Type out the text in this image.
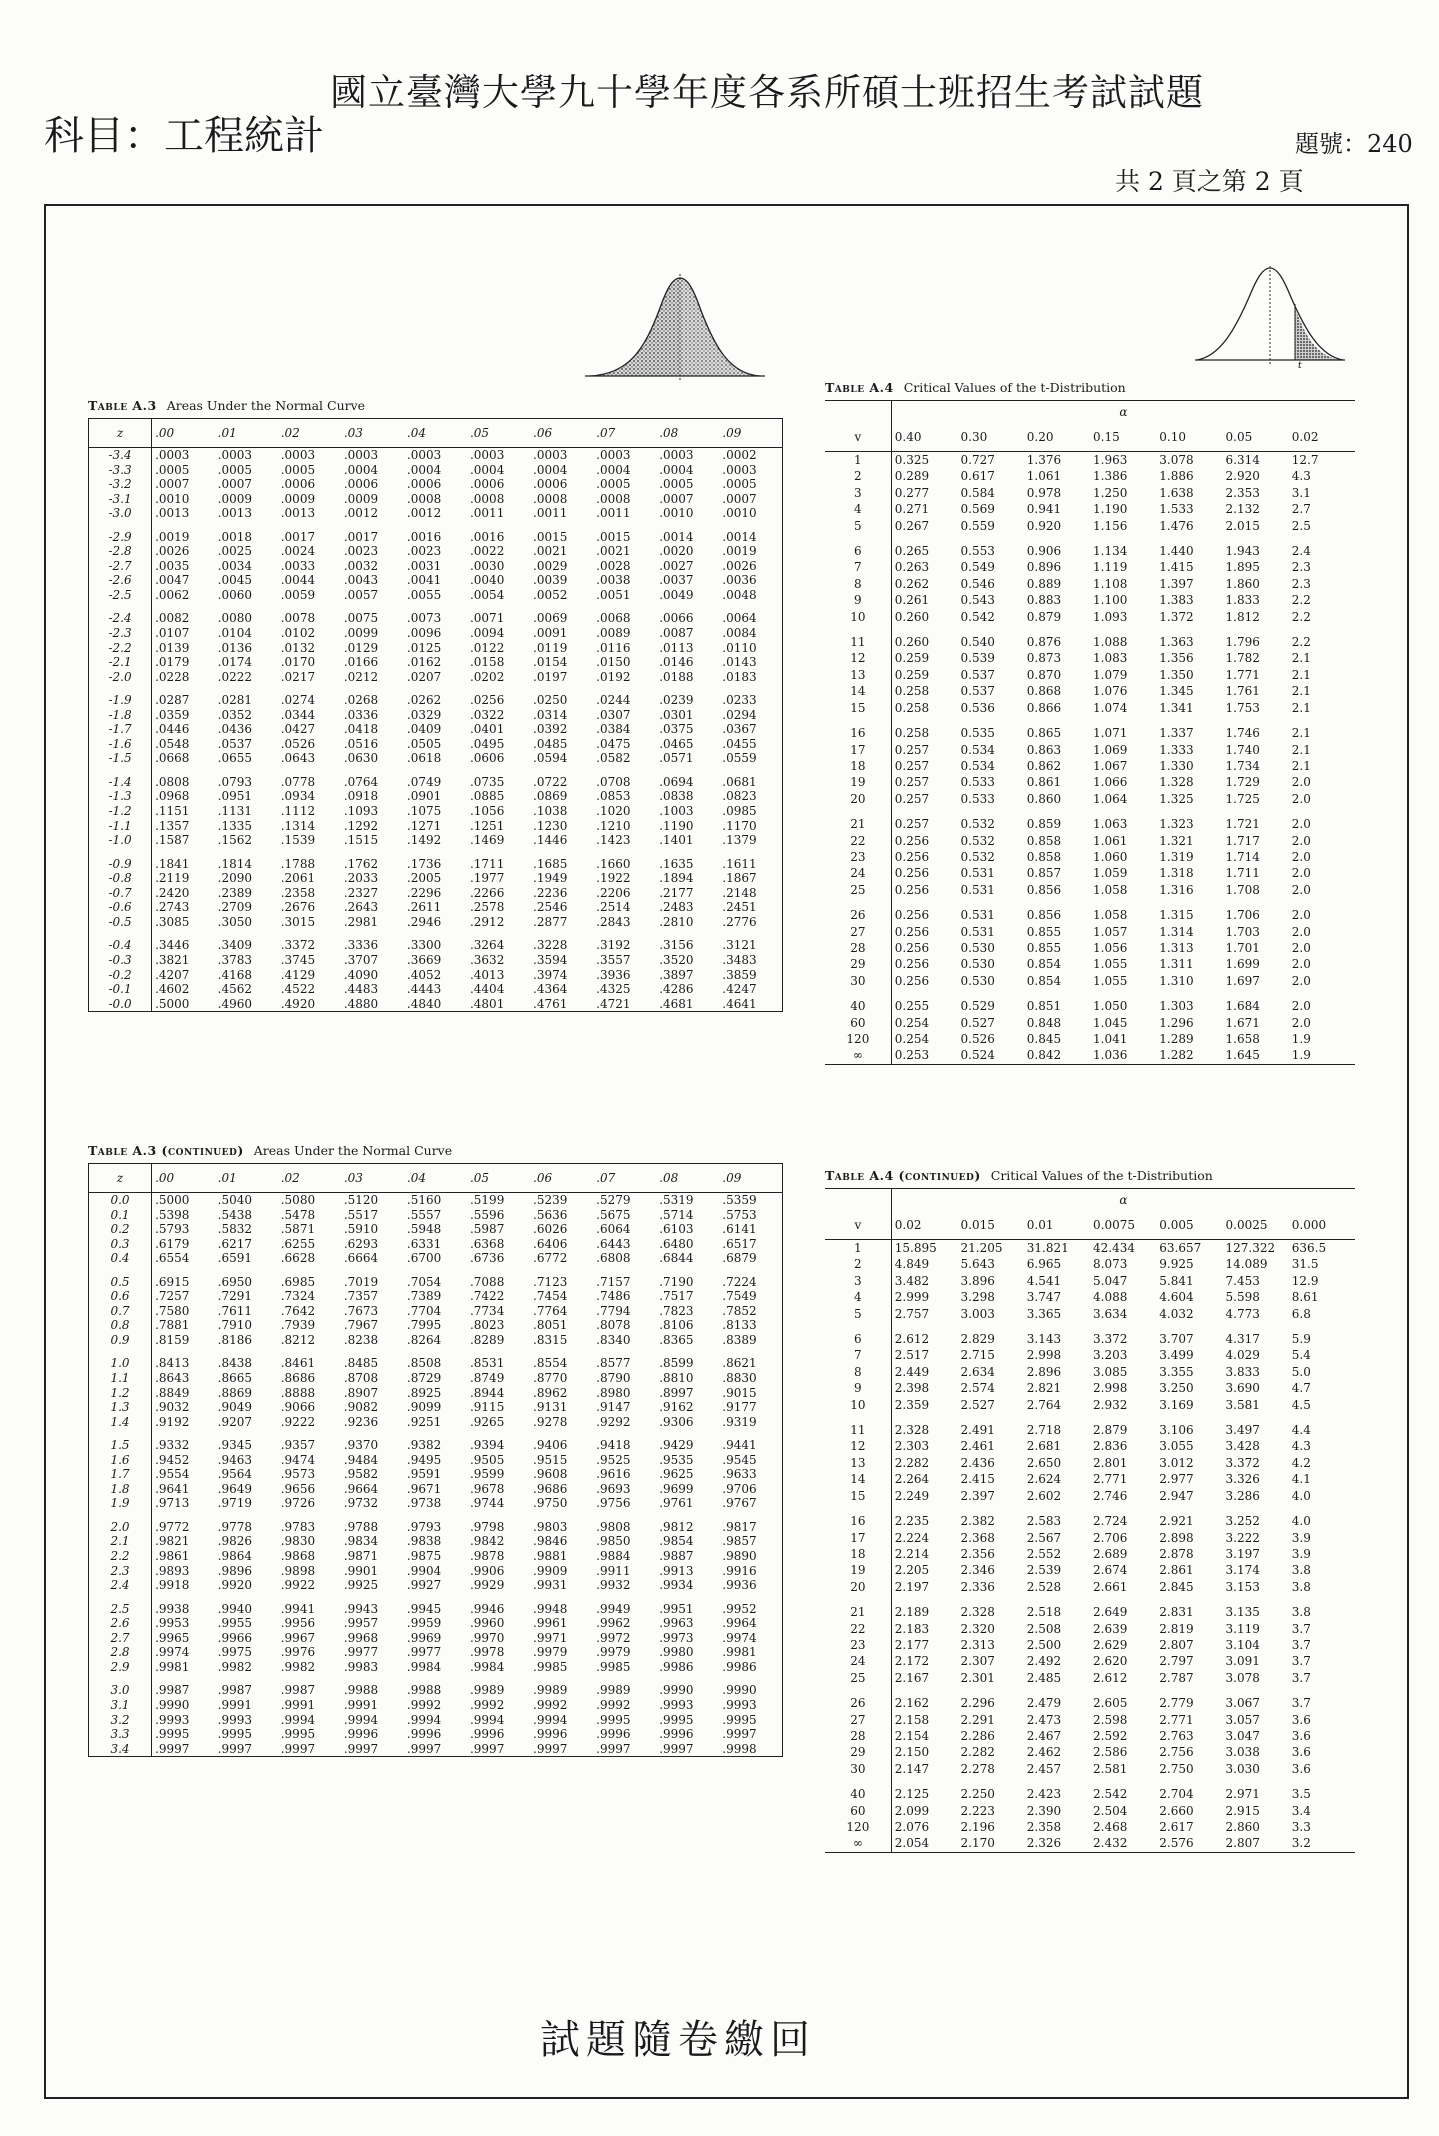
國立臺灣大學九十學年度各系所碩士班招生考試試題
科目：工程統計	題號：240
共 2 頁之第 2 頁
t
Table A.3 Areas Under the Normal Curve
z	.00	.01	.02	.03	.04	.05	.06	.07	.08	.09
-3.4	.0003	.0003	.0003	.0003	.0003	.0003	.0003	.0003	.0003	.0002
-3.3	.0005	.0005	.0005	.0004	.0004	.0004	.0004	.0004	.0004	.0003
-3.2	.0007	.0007	.0006	.0006	.0006	.0006	.0006	.0005	.0005	.0005
-3.1	.0010	.0009	.0009	.0009	.0008	.0008	.0008	.0008	.0007	.0007
-3.0	.0013	.0013	.0013	.0012	.0012	.0011	.0011	.0011	.0010	.0010
-2.9	.0019	.0018	.0017	.0017	.0016	.0016	.0015	.0015	.0014	.0014
-2.8	.0026	.0025	.0024	.0023	.0023	.0022	.0021	.0021	.0020	.0019
-2.7	.0035	.0034	.0033	.0032	.0031	.0030	.0029	.0028	.0027	.0026
-2.6	.0047	.0045	.0044	.0043	.0041	.0040	.0039	.0038	.0037	.0036
-2.5	.0062	.0060	.0059	.0057	.0055	.0054	.0052	.0051	.0049	.0048
-2.4	.0082	.0080	.0078	.0075	.0073	.0071	.0069	.0068	.0066	.0064
-2.3	.0107	.0104	.0102	.0099	.0096	.0094	.0091	.0089	.0087	.0084
-2.2	.0139	.0136	.0132	.0129	.0125	.0122	.0119	.0116	.0113	.0110
-2.1	.0179	.0174	.0170	.0166	.0162	.0158	.0154	.0150	.0146	.0143
-2.0	.0228	.0222	.0217	.0212	.0207	.0202	.0197	.0192	.0188	.0183
-1.9	.0287	.0281	.0274	.0268	.0262	.0256	.0250	.0244	.0239	.0233
-1.8	.0359	.0352	.0344	.0336	.0329	.0322	.0314	.0307	.0301	.0294
-1.7	.0446	.0436	.0427	.0418	.0409	.0401	.0392	.0384	.0375	.0367
-1.6	.0548	.0537	.0526	.0516	.0505	.0495	.0485	.0475	.0465	.0455
-1.5	.0668	.0655	.0643	.0630	.0618	.0606	.0594	.0582	.0571	.0559
-1.4	.0808	.0793	.0778	.0764	.0749	.0735	.0722	.0708	.0694	.0681
-1.3	.0968	.0951	.0934	.0918	.0901	.0885	.0869	.0853	.0838	.0823
-1.2	.1151	.1131	.1112	.1093	.1075	.1056	.1038	.1020	.1003	.0985
-1.1	.1357	.1335	.1314	.1292	.1271	.1251	.1230	.1210	.1190	.1170
-1.0	.1587	.1562	.1539	.1515	.1492	.1469	.1446	.1423	.1401	.1379
-0.9	.1841	.1814	.1788	.1762	.1736	.1711	.1685	.1660	.1635	.1611
-0.8	.2119	.2090	.2061	.2033	.2005	.1977	.1949	.1922	.1894	.1867
-0.7	.2420	.2389	.2358	.2327	.2296	.2266	.2236	.2206	.2177	.2148
-0.6	.2743	.2709	.2676	.2643	.2611	.2578	.2546	.2514	.2483	.2451
-0.5	.3085	.3050	.3015	.2981	.2946	.2912	.2877	.2843	.2810	.2776
-0.4	.3446	.3409	.3372	.3336	.3300	.3264	.3228	.3192	.3156	.3121
-0.3	.3821	.3783	.3745	.3707	.3669	.3632	.3594	.3557	.3520	.3483
-0.2	.4207	.4168	.4129	.4090	.4052	.4013	.3974	.3936	.3897	.3859
-0.1	.4602	.4562	.4522	.4483	.4443	.4404	.4364	.4325	.4286	.4247
-0.0	.5000	.4960	.4920	.4880	.4840	.4801	.4761	.4721	.4681	.4641
Table A.3 (continued) Areas Under the Normal Curve
z	.00	.01	.02	.03	.04	.05	.06	.07	.08	.09
0.0	.5000	.5040	.5080	.5120	.5160	.5199	.5239	.5279	.5319	.5359
0.1	.5398	.5438	.5478	.5517	.5557	.5596	.5636	.5675	.5714	.5753
0.2	.5793	.5832	.5871	.5910	.5948	.5987	.6026	.6064	.6103	.6141
0.3	.6179	.6217	.6255	.6293	.6331	.6368	.6406	.6443	.6480	.6517
0.4	.6554	.6591	.6628	.6664	.6700	.6736	.6772	.6808	.6844	.6879
0.5	.6915	.6950	.6985	.7019	.7054	.7088	.7123	.7157	.7190	.7224
0.6	.7257	.7291	.7324	.7357	.7389	.7422	.7454	.7486	.7517	.7549
0.7	.7580	.7611	.7642	.7673	.7704	.7734	.7764	.7794	.7823	.7852
0.8	.7881	.7910	.7939	.7967	.7995	.8023	.8051	.8078	.8106	.8133
0.9	.8159	.8186	.8212	.8238	.8264	.8289	.8315	.8340	.8365	.8389
1.0	.8413	.8438	.8461	.8485	.8508	.8531	.8554	.8577	.8599	.8621
1.1	.8643	.8665	.8686	.8708	.8729	.8749	.8770	.8790	.8810	.8830
1.2	.8849	.8869	.8888	.8907	.8925	.8944	.8962	.8980	.8997	.9015
1.3	.9032	.9049	.9066	.9082	.9099	.9115	.9131	.9147	.9162	.9177
1.4	.9192	.9207	.9222	.9236	.9251	.9265	.9278	.9292	.9306	.9319
1.5	.9332	.9345	.9357	.9370	.9382	.9394	.9406	.9418	.9429	.9441
1.6	.9452	.9463	.9474	.9484	.9495	.9505	.9515	.9525	.9535	.9545
1.7	.9554	.9564	.9573	.9582	.9591	.9599	.9608	.9616	.9625	.9633
1.8	.9641	.9649	.9656	.9664	.9671	.9678	.9686	.9693	.9699	.9706
1.9	.9713	.9719	.9726	.9732	.9738	.9744	.9750	.9756	.9761	.9767
2.0	.9772	.9778	.9783	.9788	.9793	.9798	.9803	.9808	.9812	.9817
2.1	.9821	.9826	.9830	.9834	.9838	.9842	.9846	.9850	.9854	.9857
2.2	.9861	.9864	.9868	.9871	.9875	.9878	.9881	.9884	.9887	.9890
2.3	.9893	.9896	.9898	.9901	.9904	.9906	.9909	.9911	.9913	.9916
2.4	.9918	.9920	.9922	.9925	.9927	.9929	.9931	.9932	.9934	.9936
2.5	.9938	.9940	.9941	.9943	.9945	.9946	.9948	.9949	.9951	.9952
2.6	.9953	.9955	.9956	.9957	.9959	.9960	.9961	.9962	.9963	.9964
2.7	.9965	.9966	.9967	.9968	.9969	.9970	.9971	.9972	.9973	.9974
2.8	.9974	.9975	.9976	.9977	.9977	.9978	.9979	.9979	.9980	.9981
2.9	.9981	.9982	.9982	.9983	.9984	.9984	.9985	.9985	.9986	.9986
3.0	.9987	.9987	.9987	.9988	.9988	.9989	.9989	.9989	.9990	.9990
3.1	.9990	.9991	.9991	.9991	.9992	.9992	.9992	.9992	.9993	.9993
3.2	.9993	.9993	.9994	.9994	.9994	.9994	.9994	.9995	.9995	.9995
3.3	.9995	.9995	.9995	.9996	.9996	.9996	.9996	.9996	.9996	.9997
3.4	.9997	.9997	.9997	.9997	.9997	.9997	.9997	.9997	.9997	.9998
Table A.4 Critical Values of the t-Distribution
	α						
v	0.40	0.30	0.20	0.15	0.10	0.05	0.02
1	0.325	0.727	1.376	1.963	3.078	6.314	12.7
2	0.289	0.617	1.061	1.386	1.886	2.920	4.3
3	0.277	0.584	0.978	1.250	1.638	2.353	3.1
4	0.271	0.569	0.941	1.190	1.533	2.132	2.7
5	0.267	0.559	0.920	1.156	1.476	2.015	2.5
6	0.265	0.553	0.906	1.134	1.440	1.943	2.4
7	0.263	0.549	0.896	1.119	1.415	1.895	2.3
8	0.262	0.546	0.889	1.108	1.397	1.860	2.3
9	0.261	0.543	0.883	1.100	1.383	1.833	2.2
10	0.260	0.542	0.879	1.093	1.372	1.812	2.2
11	0.260	0.540	0.876	1.088	1.363	1.796	2.2
12	0.259	0.539	0.873	1.083	1.356	1.782	2.1
13	0.259	0.537	0.870	1.079	1.350	1.771	2.1
14	0.258	0.537	0.868	1.076	1.345	1.761	2.1
15	0.258	0.536	0.866	1.074	1.341	1.753	2.1
16	0.258	0.535	0.865	1.071	1.337	1.746	2.1
17	0.257	0.534	0.863	1.069	1.333	1.740	2.1
18	0.257	0.534	0.862	1.067	1.330	1.734	2.1
19	0.257	0.533	0.861	1.066	1.328	1.729	2.0
20	0.257	0.533	0.860	1.064	1.325	1.725	2.0
21	0.257	0.532	0.859	1.063	1.323	1.721	2.0
22	0.256	0.532	0.858	1.061	1.321	1.717	2.0
23	0.256	0.532	0.858	1.060	1.319	1.714	2.0
24	0.256	0.531	0.857	1.059	1.318	1.711	2.0
25	0.256	0.531	0.856	1.058	1.316	1.708	2.0
26	0.256	0.531	0.856	1.058	1.315	1.706	2.0
27	0.256	0.531	0.855	1.057	1.314	1.703	2.0
28	0.256	0.530	0.855	1.056	1.313	1.701	2.0
29	0.256	0.530	0.854	1.055	1.311	1.699	2.0
30	0.256	0.530	0.854	1.055	1.310	1.697	2.0
40	0.255	0.529	0.851	1.050	1.303	1.684	2.0
60	0.254	0.527	0.848	1.045	1.296	1.671	2.0
120	0.254	0.526	0.845	1.041	1.289	1.658	1.9
∞	0.253	0.524	0.842	1.036	1.282	1.645	1.9
Table A.4 (continued) Critical Values of the t-Distribution
	α						
v	0.02	0.015	0.01	0.0075	0.005	0.0025	0.000
1	15.895	21.205	31.821	42.434	63.657	127.322	636.5
2	4.849	5.643	6.965	8.073	9.925	14.089	31.5
3	3.482	3.896	4.541	5.047	5.841	7.453	12.9
4	2.999	3.298	3.747	4.088	4.604	5.598	8.61
5	2.757	3.003	3.365	3.634	4.032	4.773	6.8
6	2.612	2.829	3.143	3.372	3.707	4.317	5.9
7	2.517	2.715	2.998	3.203	3.499	4.029	5.4
8	2.449	2.634	2.896	3.085	3.355	3.833	5.0
9	2.398	2.574	2.821	2.998	3.250	3.690	4.7
10	2.359	2.527	2.764	2.932	3.169	3.581	4.5
11	2.328	2.491	2.718	2.879	3.106	3.497	4.4
12	2.303	2.461	2.681	2.836	3.055	3.428	4.3
13	2.282	2.436	2.650	2.801	3.012	3.372	4.2
14	2.264	2.415	2.624	2.771	2.977	3.326	4.1
15	2.249	2.397	2.602	2.746	2.947	3.286	4.0
16	2.235	2.382	2.583	2.724	2.921	3.252	4.0
17	2.224	2.368	2.567	2.706	2.898	3.222	3.9
18	2.214	2.356	2.552	2.689	2.878	3.197	3.9
19	2.205	2.346	2.539	2.674	2.861	3.174	3.8
20	2.197	2.336	2.528	2.661	2.845	3.153	3.8
21	2.189	2.328	2.518	2.649	2.831	3.135	3.8
22	2.183	2.320	2.508	2.639	2.819	3.119	3.7
23	2.177	2.313	2.500	2.629	2.807	3.104	3.7
24	2.172	2.307	2.492	2.620	2.797	3.091	3.7
25	2.167	2.301	2.485	2.612	2.787	3.078	3.7
26	2.162	2.296	2.479	2.605	2.779	3.067	3.7
27	2.158	2.291	2.473	2.598	2.771	3.057	3.6
28	2.154	2.286	2.467	2.592	2.763	3.047	3.6
29	2.150	2.282	2.462	2.586	2.756	3.038	3.6
30	2.147	2.278	2.457	2.581	2.750	3.030	3.6
40	2.125	2.250	2.423	2.542	2.704	2.971	3.5
60	2.099	2.223	2.390	2.504	2.660	2.915	3.4
120	2.076	2.196	2.358	2.468	2.617	2.860	3.3
∞	2.054	2.170	2.326	2.432	2.576	2.807	3.2
試題隨卷繳回
